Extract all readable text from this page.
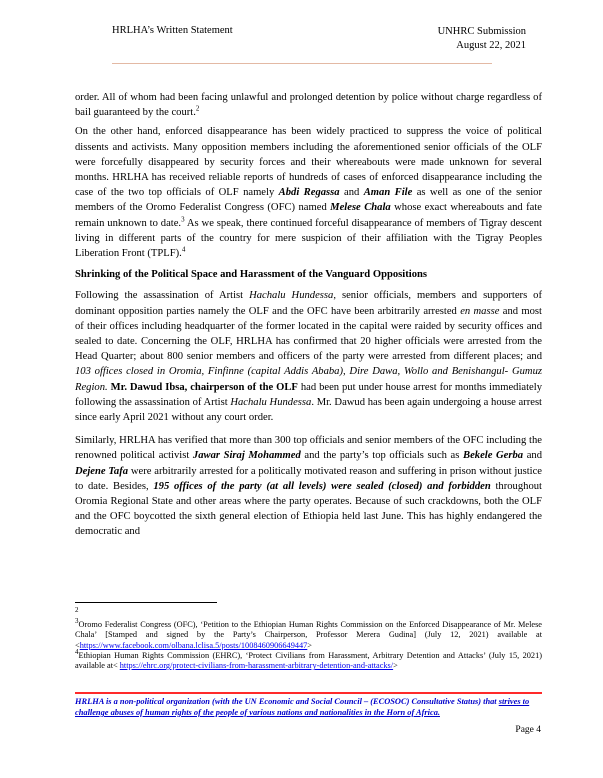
HRLHA’s Written Statement	UNHRC Submission
August 22, 2021

order. All of whom had been facing unlawful and prolonged detention by police without charge regardless of bail guaranteed by the court.$^2$

On the other hand, enforced disappearance has been widely practiced to suppress the voice of political dissents and activists. Many opposition members including the aforementioned senior officials of the OLF were forcefully disappeared by security forces and their whereabouts were made unknown for several months. HRLHA has received reliable reports of hundreds of cases of enforced disappearance including the case of the two top officials of OLF namely Abdi Regassa and Aman File as well as one of the senior members of the Oromo Federalist Congress (OFC) named Melese Chala whose exact whereabouts and fate remain unknown to date.$^3$ As we speak, there continued forceful disappearance of members of Tigray descent living in different parts of the country for mere suspicion of their affiliation with the Tigray Peoples Liberation Front (TPLF).$^4$

Shrinking of the Political Space and Harassment of the Vanguard Oppositions

Following the assassination of Artist Hachalu Hundessa, senior officials, members and supporters of dominant opposition parties namely the OLF and the OFC have been arbitrarily arrested en masse and most of their offices including headquarter of the former located in the capital were raided by security offices and sealed to date. Concerning the OLF, HRLHA has confirmed that 20 higher officials were arrested from the Head Quarter; about 800 senior members and officers of the party were arrested from different places; and 103 offices closed in Oromia, Finfinne (capital Addis Ababa), Dire Dawa, Wollo and Benishangul- Gumuz Region. Mr. Dawud Ibsa, chairperson of the OLF had been put under house arrest for months immediately following the assassination of Artist Hachalu Hundessa. Mr. Dawud has been again undergoing a house arrest since early April 2021 without any court order.

Similarly, HRLHA has verified that more than 300 top officials and senior members of the OFC including the renowned political activist Jawar Siraj Mohammed and the party’s top officials such as Bekele Gerba and Dejene Tafa were arbitrarily arrested for a politically motivated reason and suffering in prison without justice to date. Besides, 195 offices of the party (at all levels) were sealed (closed) and forbidden throughout Oromia Regional State and other areas where the party operates. Because of such crackdowns, both the OLF and the OFC boycotted the sixth general election of Ethiopia held last June. This has highly endangered the democratic and

2

$^3$Oromo Federalist Congress (OFC), ‘Petition to the Ethiopian Human Rights Commission on the Enforced Disappearance of Mr. Melese Chala’ [Stamped and signed by the Party’s Chairperson, Professor Merera Gudina] (July 12, 2021) available at <https://www.facebook.com/olbana.lclisa.5/posts/1008460906649447>

$^4$Ethiopian Human Rights Commission (EHRC), ‘Protect Civilians from Harassment, Arbitrary Detention and Attacks’ (July 15, 2021) available at< https://ehrc.org/protect-civilians-from-harassment-arbitrary-detention-and-attacks/>

HRLHA is a non-political organization (with the UN Economic and Social Council – (ECOSOC) Consultative Status) that strives to challenge abuses of human rights of the people of various nations and nationalities in the Horn of Africa.
Page 4
